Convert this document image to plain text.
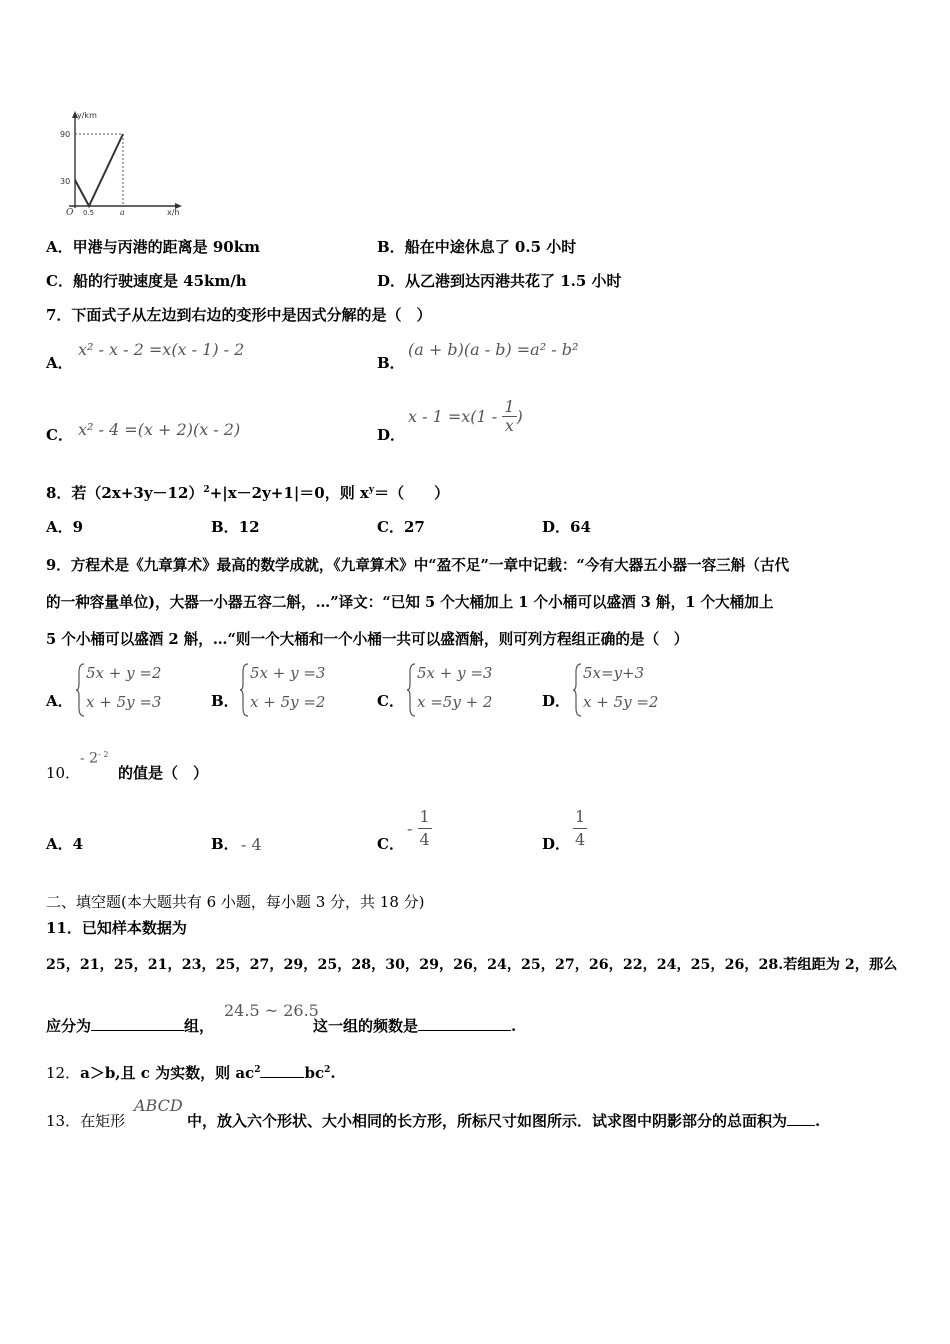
y/km
90
30
O 0.5	a	x/h
A．甲港与丙港的距离是 90km	B．船在中途休息了 0.5 小时
C．船的行驶速度是 45km/h	D．从乙港到达丙港共花了 1.5 小时
7．下面式子从左边到右边的变形中是因式分解的是（　）
A．
x² - x - 2 =x(x - 1) - 2
B．
(a + b)(a - b) =a² - b²
C． x² - 4 =(x + 2)(x - 2)	D．
$x - 1 =x(1 - \frac{1}{x}$ )
8．若$(2x+3y-12)^2+|x-2y+1|=0$，则 $x^y=$（　　）
A．9	B．12	C．27	D．64
9．方程术是《九章算术》最高的数学成就，《九章算术》中“盈不足”一章中记载：“今有大器五小器一容三斛（古代
的一种容量单位)，大器一小器五容二斛，…”译文：“已知 5 个大桶加上 1 个小桶可以盛酒 3 斛，1 个大桶加上
5 个小桶可以盛酒 2 斛，…“则一个大桶和一个小桶一共可以盛酒斛，则可列方程组正确的是（　）
A．
5x + y =2
x + 5y =3	B．
5x + y =3
x + 5y =2	C．
5x + y =3
x =5y + 2	D．
5x=y+3
x + 5y =2
10．
- $2^{- 2}$
的值是（　）
A．4	B． - 4	C．
- $\frac{1}{4}$	D． $\frac{1}{4}$
二、填空题(本大题共有 6 小题，每小题 3 分，共 18 分)
11．已知样本数据为
25，21，25，21，23，25，27，29，25，28，30，29，26，24，25，27，26，22，24，25，26，28.若组距为 2，那么
应分为	组，
24.5 ~ 26.5
这一组的频数是	.
12．a＞b,且 c 为实数，则 $ac^2$	$bc^2$.
13．在矩形
ABCD
中，放入六个形状、大小相同的长方形，所标尺寸如图所示．试求图中阴影部分的总面积为 .
